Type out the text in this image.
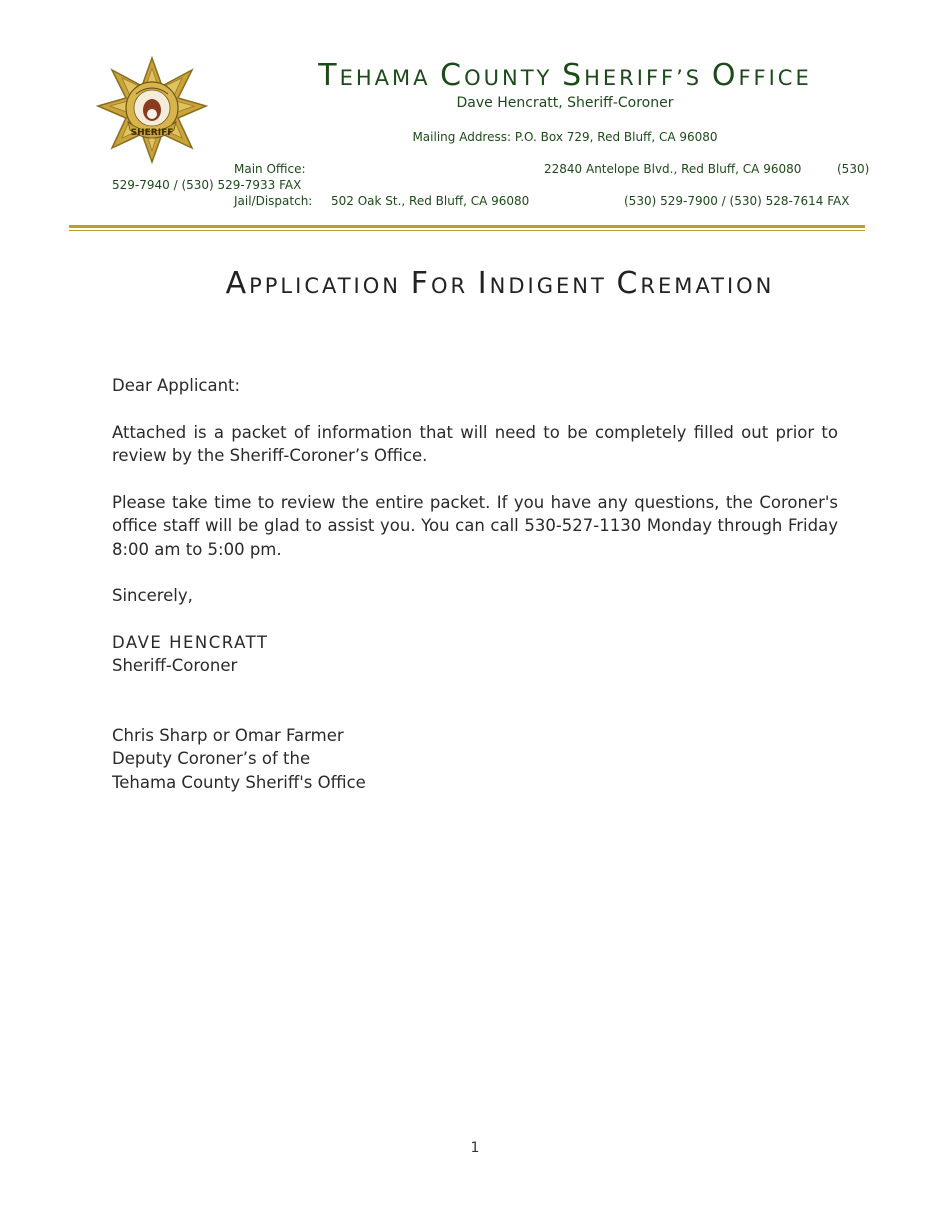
SHERIFF
TEHAMA COUNTY SHERIFF’S OFFICE
Dave Hencratt, Sheriff-Coroner
Mailing Address: P.O. Box 729, Red Bluff, CA 96080
Main Office:	22840 Antelope Blvd., Red Bluff, CA 96080	(530)
529-7940 / (530) 529-7933 FAX
Jail/Dispatch: 502 Oak St., Red Bluff, CA 96080	(530) 529-7900 / (530) 528-7614 FAX
APPLICATION FOR INDIGENT CREMATION

Dear Applicant:

Attached is a packet of information that will need to be completely filled out prior to review by the Sheriff-Coroner’s Office.

Please take time to review the entire packet. If you have any questions, the Coroner's office staff will be glad to assist you. You can call 530-527-1130 Monday through Friday 8:00 am to 5:00 pm.

Sincerely,

DAVE HENCRATT
Sheriff-Coroner

Chris Sharp or Omar Farmer
Deputy Coroner’s of the
Tehama County Sheriff's Office

1
